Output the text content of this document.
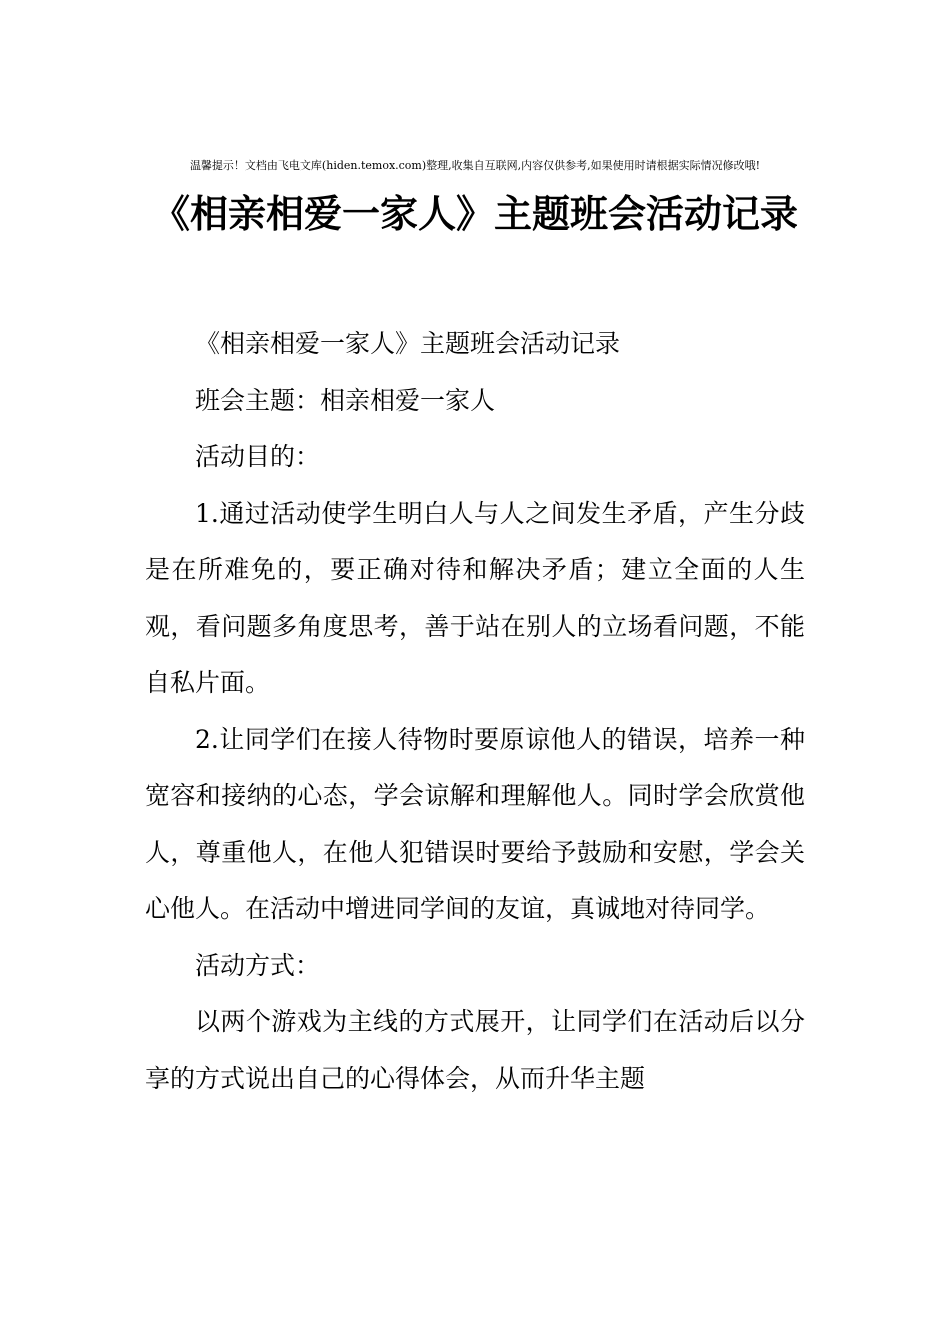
温馨提示！文档由飞电文库(hiden.temox.com)整理,收集自互联网,内容仅供参考,如果使用时请根据实际情况修改哦!
《相亲相爱一家人》主题班会活动记录

《相亲相爱一家人》主题班会活动记录

班会主题：相亲相爱一家人

活动目的：

1.通过活动使学生明白人与人之间发生矛盾，产生分歧是在所难免的，要正确对待和解决矛盾；建立全面的人生观，看问题多角度思考，善于站在别人的立场看问题，不能自私片面。

2.让同学们在接人待物时要原谅他人的错误，培养一种宽容和接纳的心态，学会谅解和理解他人。同时学会欣赏他人，尊重他人，在他人犯错误时要给予鼓励和安慰，学会关心他人。在活动中增进同学间的友谊，真诚地对待同学。

活动方式：

以两个游戏为主线的方式展开，让同学们在活动后以分享的方式说出自己的心得体会，从而升华主题
